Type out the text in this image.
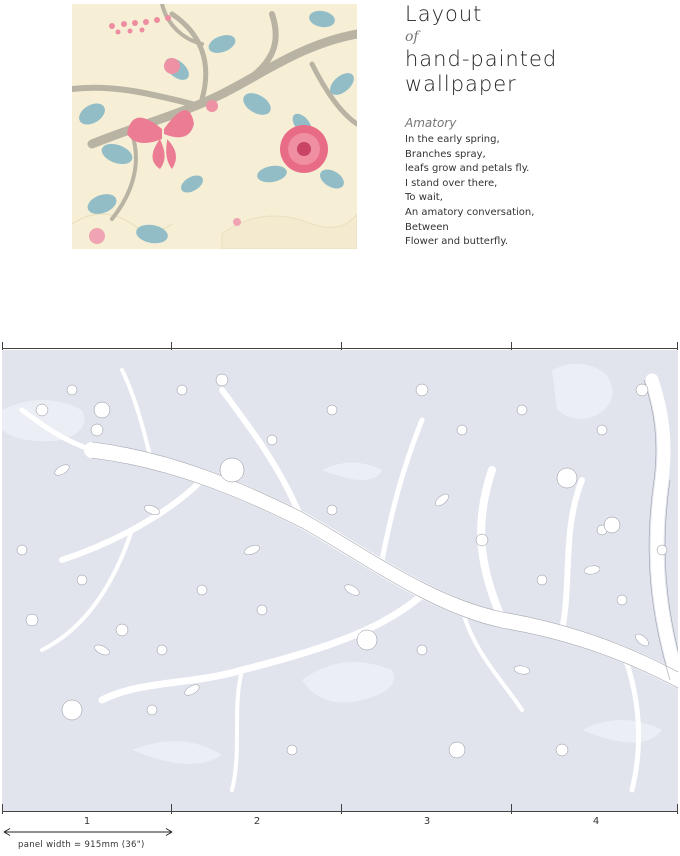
Layout
of
hand-painted
wallpaper
Amatory
In the early spring,
Branches spray,
leafs grow and petals fly.
I stand over there,
To wait,
An amatory conversation,
Between
Flower and butterfly.
1	2	3	4
panel width = 915mm (36")
